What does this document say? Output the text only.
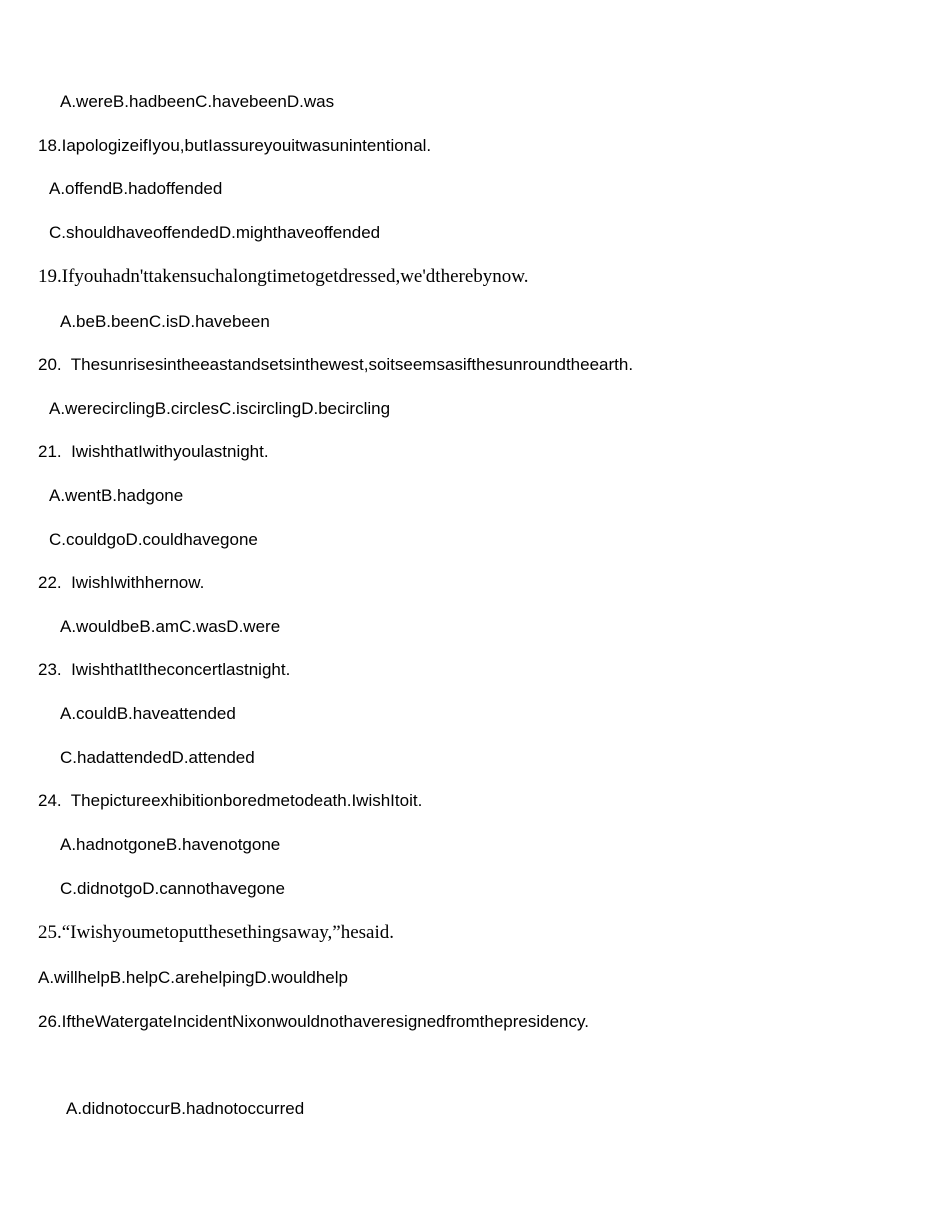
A.wereB.hadbeenC.havebeenD.was
18.IapologizeifIyou,butIassureyouitwasunintentional.
A.offendB.hadoffended
C.shouldhaveoffendedD.mighthaveoffended
19.Ifyouhadn'ttakensuchalongtimetogetdressed,we'dtherebynow.
A.beB.beenC.isD.havebeen
20.  Thesunrisesintheeastandsetsinthewest,soitseemsasifthesunroundtheearth.
A.werecirclingB.circlesC.iscirclingD.becircling
21.  IwishthatIwithyoulastnight.
A.wentB.hadgone
C.couldgoD.couldhavegone
22.  IwishIwithhernow.
A.wouldbeB.amC.wasD.were
23.  IwishthatItheconcertlastnight.
A.couldB.haveattended
C.hadattendedD.attended
24.  Thepictureexhibitionboredmetodeath.IwishItoit.
A.hadnotgoneB.havenotgone
C.didnotgoD.cannothavegone
25.“Iwishyoumetoputthesethingsaway,”hesaid.
A.willhelpB.helpC.arehelpingD.wouldhelp
26.IftheWatergateIncidentNixonwouldnothaveresignedfromthepresidency.
A.didnotoccurB.hadnotoccurred
